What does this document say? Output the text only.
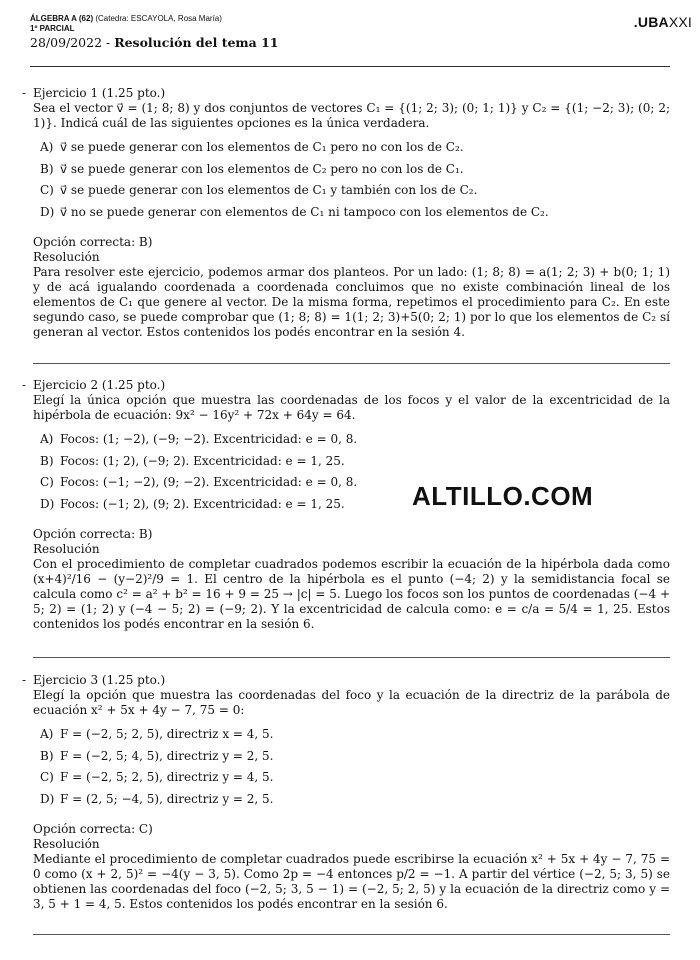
ÁLGEBRA A (62) (Catedra: ESCAYOLA, Rosa María)
1º PARCIAL
28/09/2022 - Resolución del tema 11
.UBAXXI
- Ejercicio 1 (1.25 pto.)
Sea el vector v⃗ = (1; 8; 8) y dos conjuntos de vectores C₁ = {(1; 2; 3); (0; 1; 1)} y C₂ = {(1; −2; 3); (0; 2; 1)}. Indicá cuál de las siguientes opciones es la única verdadera.
A) v⃗ se puede generar con los elementos de C₁ pero no con los de C₂.
B) v⃗ se puede generar con los elementos de C₂ pero no con los de C₁.
C) v⃗ se puede generar con los elementos de C₁ y también con los de C₂.
D) v⃗ no se puede generar con elementos de C₁ ni tampoco con los elementos de C₂.
Opción correcta: B)
Resolución
Para resolver este ejercicio, podemos armar dos planteos. Por un lado: (1; 8; 8) = a(1; 2; 3) + b(0; 1; 1) y de acá igualando coordenada a coordenada concluimos que no existe combinación lineal de los elementos de C₁ que genere al vector. De la misma forma, repetimos el procedimiento para C₂. En este segundo caso, se puede comprobar que (1; 8; 8) = 1(1; 2; 3)+5(0; 2; 1) por lo que los elementos de C₂ sí generan al vector. Estos contenidos los podés encontrar en la sesión 4.
- Ejercicio 2 (1.25 pto.)
Elegí la única opción que muestra las coordenadas de los focos y el valor de la excentricidad de la hipérbola de ecuación: 9x² − 16y² + 72x + 64y = 64.
A) Focos: (1; −2), (−9; −2). Excentricidad: e = 0, 8.
B) Focos: (1; 2), (−9; 2). Excentricidad: e = 1, 25.
C) Focos: (−1; −2), (9; −2). Excentricidad: e = 0, 8.
D) Focos: (−1; 2), (9; 2). Excentricidad: e = 1, 25.
Opción correcta: B)
Resolución
Con el procedimiento de completar cuadrados podemos escribir la ecuación de la hipérbola dada como (x+4)²/16 − (y−2)²/9 = 1. El centro de la hipérbola es el punto (−4; 2) y la semidistancia focal se calcula como c² = a² + b² = 16 + 9 = 25 → |c| = 5. Luego los focos son los puntos de coordenadas (−4 + 5; 2) = (1; 2) y (−4 − 5; 2) = (−9; 2). Y la excentricidad de calcula como: e = c/a = 5/4 = 1, 25. Estos contenidos los podés encontrar en la sesión 6.
- Ejercicio 3 (1.25 pto.)
Elegí la opción que muestra las coordenadas del foco y la ecuación de la directriz de la parábola de ecuación x² + 5x + 4y − 7, 75 = 0:
A) F = (−2, 5; 2, 5), directriz x = 4, 5.
B) F = (−2, 5; 4, 5), directriz y = 2, 5.
C) F = (−2, 5; 2, 5), directriz y = 4, 5.
D) F = (2, 5; −4, 5), directriz y = 2, 5.
Opción correcta: C)
Resolución
Mediante el procedimiento de completar cuadrados puede escribirse la ecuación x² + 5x + 4y − 7, 75 = 0 como (x + 2, 5)² = −4(y − 3, 5). Como 2p = −4 entonces p/2 = −1. A partir del vértice (−2, 5; 3, 5) se obtienen las coordenadas del foco (−2, 5; 3, 5 − 1) = (−2, 5; 2, 5) y la ecuación de la directriz como y = 3, 5 + 1 = 4, 5. Estos contenidos los podés encontrar en la sesión 6.
ALTILLO.COM
